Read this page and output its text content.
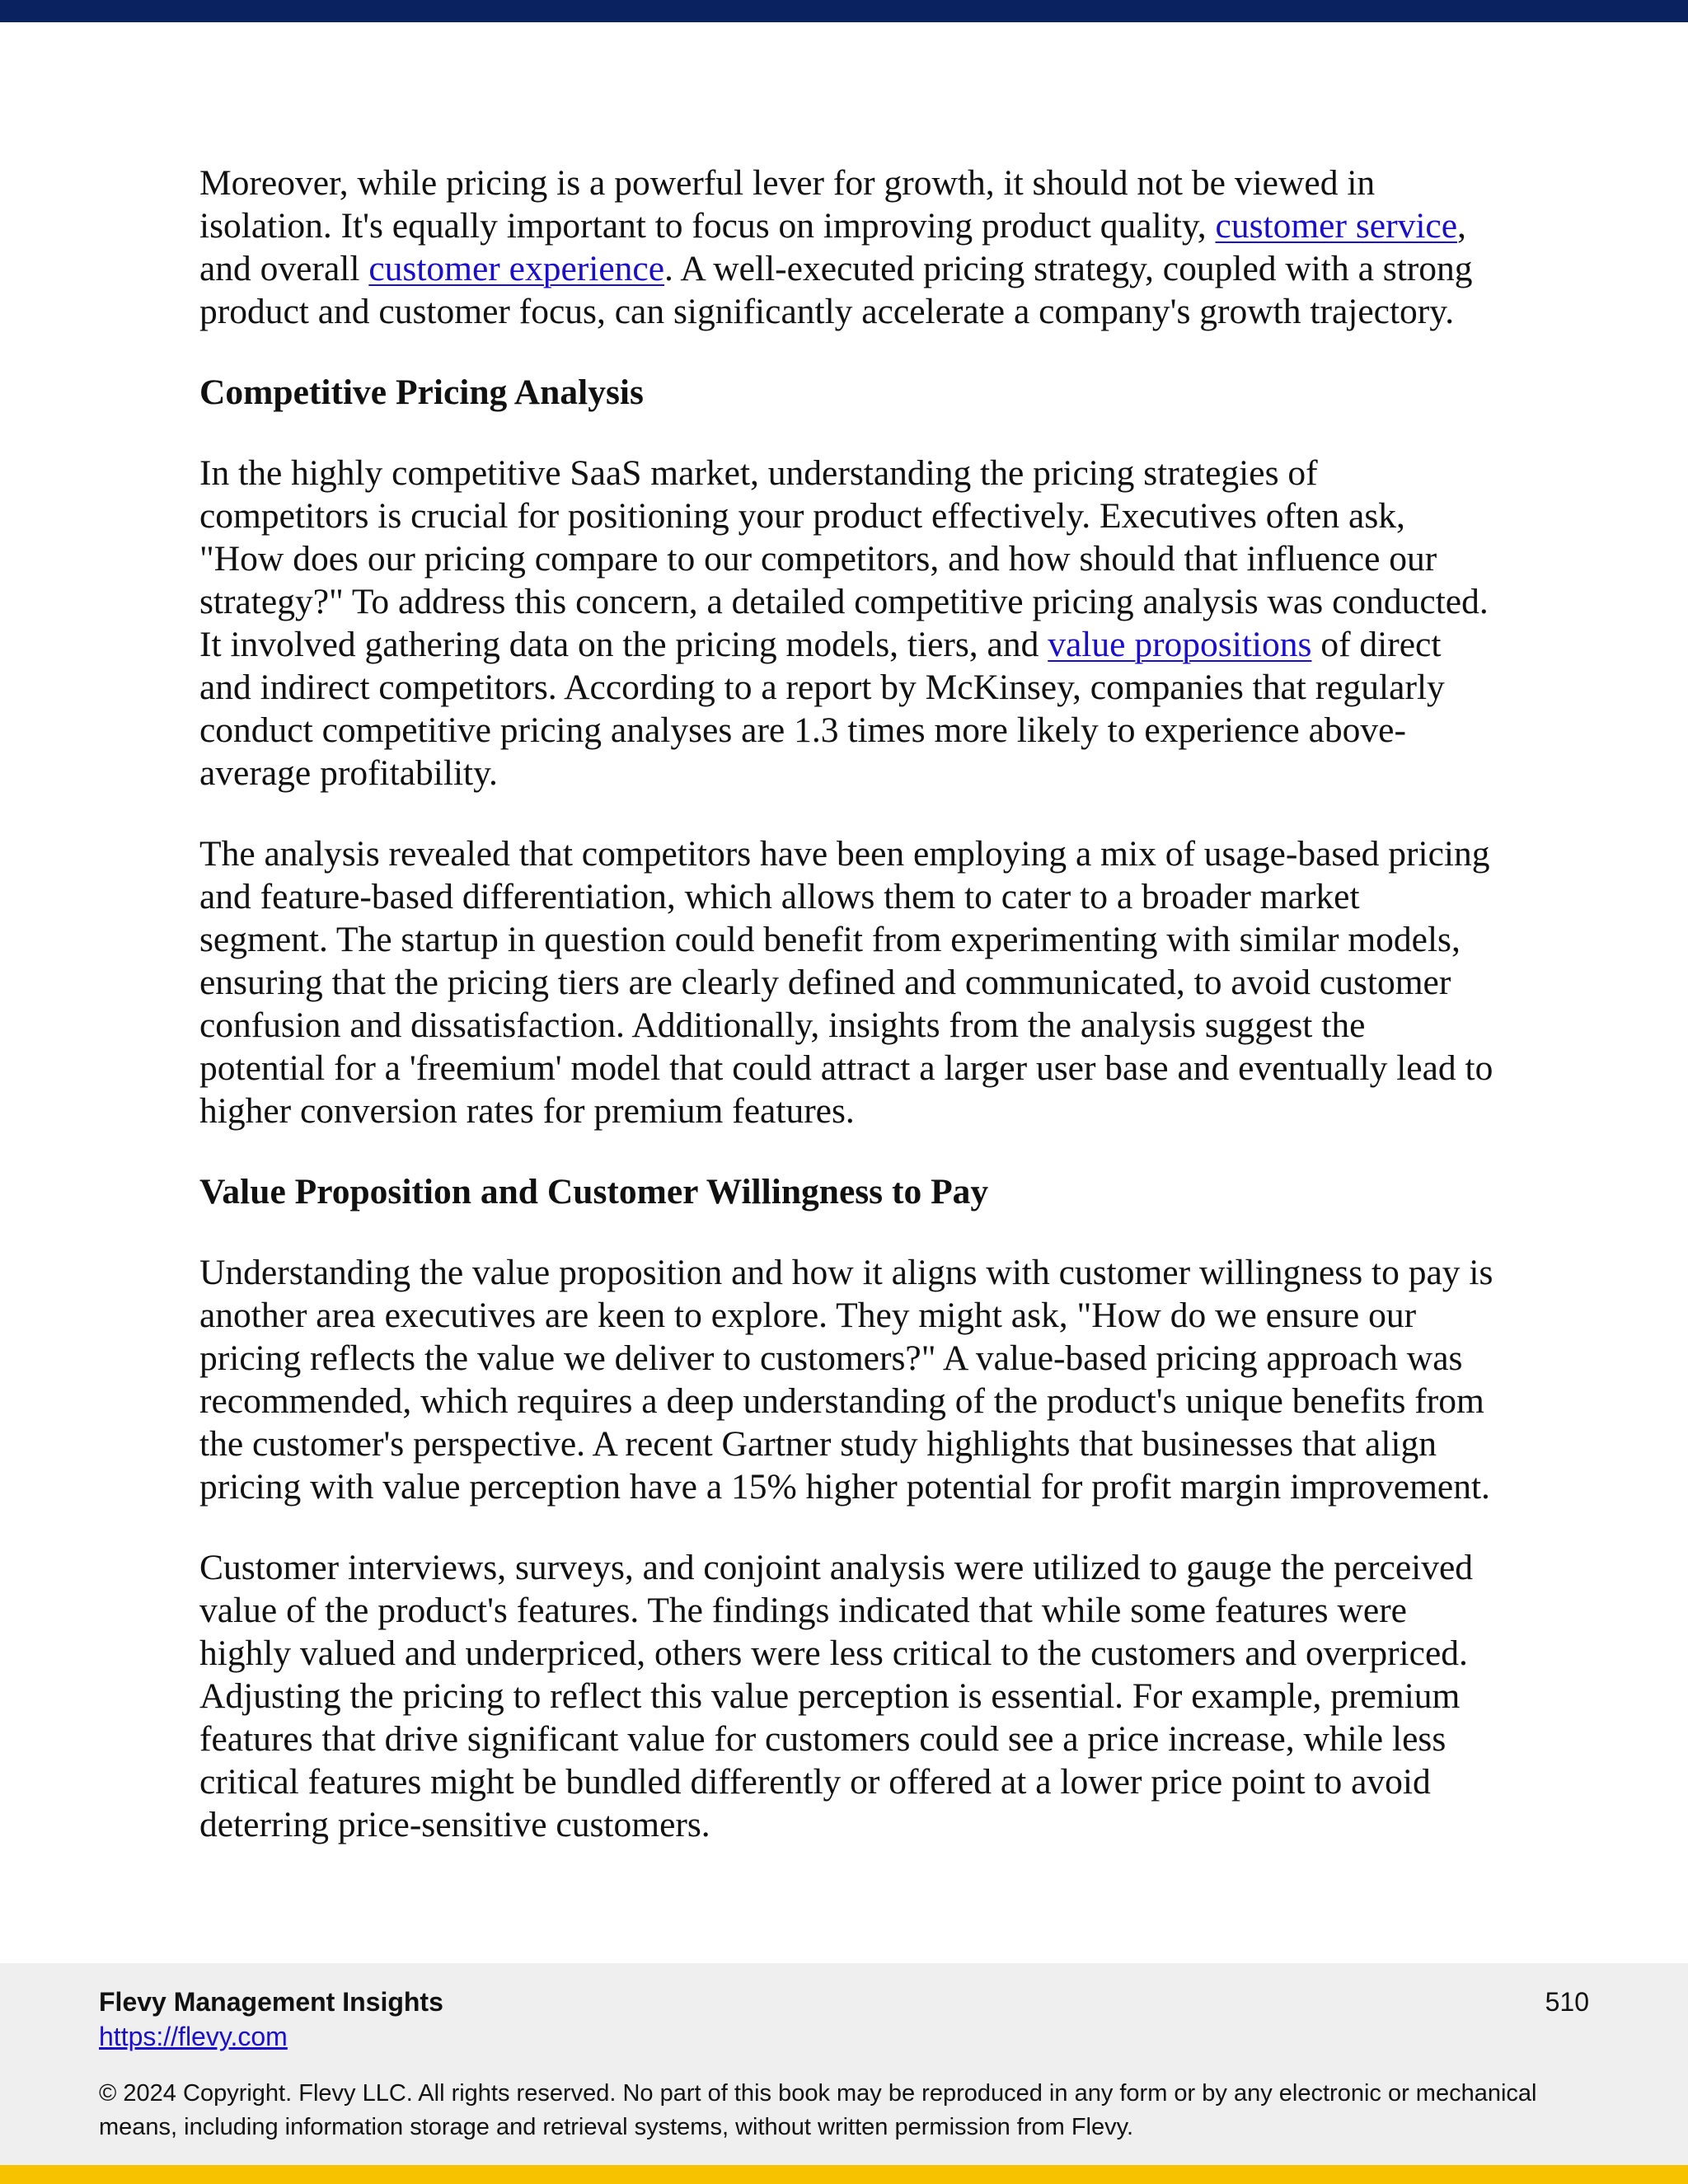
Moreover, while pricing is a powerful lever for growth, it should not be viewed in isolation. It's equally important to focus on improving product quality, customer service, and overall customer experience. A well-executed pricing strategy, coupled with a strong product and customer focus, can significantly accelerate a company's growth trajectory.

Competitive Pricing Analysis

In the highly competitive SaaS market, understanding the pricing strategies of competitors is crucial for positioning your product effectively. Executives often ask, "How does our pricing compare to our competitors, and how should that influence our strategy?" To address this concern, a detailed competitive pricing analysis was conducted. It involved gathering data on the pricing models, tiers, and value propositions of direct and indirect competitors. According to a report by McKinsey, companies that regularly conduct competitive pricing analyses are 1.3 times more likely to experience above-average profitability.

The analysis revealed that competitors have been employing a mix of usage-based pricing and feature-based differentiation, which allows them to cater to a broader market segment. The startup in question could benefit from experimenting with similar models, ensuring that the pricing tiers are clearly defined and communicated, to avoid customer confusion and dissatisfaction. Additionally, insights from the analysis suggest the potential for a 'freemium' model that could attract a larger user base and eventually lead to higher conversion rates for premium features.

Value Proposition and Customer Willingness to Pay

Understanding the value proposition and how it aligns with customer willingness to pay is another area executives are keen to explore. They might ask, "How do we ensure our pricing reflects the value we deliver to customers?" A value-based pricing approach was recommended, which requires a deep understanding of the product's unique benefits from the customer's perspective. A recent Gartner study highlights that businesses that align pricing with value perception have a 15% higher potential for profit margin improvement.

Customer interviews, surveys, and conjoint analysis were utilized to gauge the perceived value of the product's features. The findings indicated that while some features were highly valued and underpriced, others were less critical to the customers and overpriced. Adjusting the pricing to reflect this value perception is essential. For example, premium features that drive significant value for customers could see a price increase, while less critical features might be bundled differently or offered at a lower price point to avoid deterring price-sensitive customers.

Flevy Management Insights
https://flevy.com
© 2024 Copyright. Flevy LLC. All rights reserved. No part of this book may be reproduced in any form or by any electronic or mechanical means, including information storage and retrieval systems, without written permission from Flevy.
510
